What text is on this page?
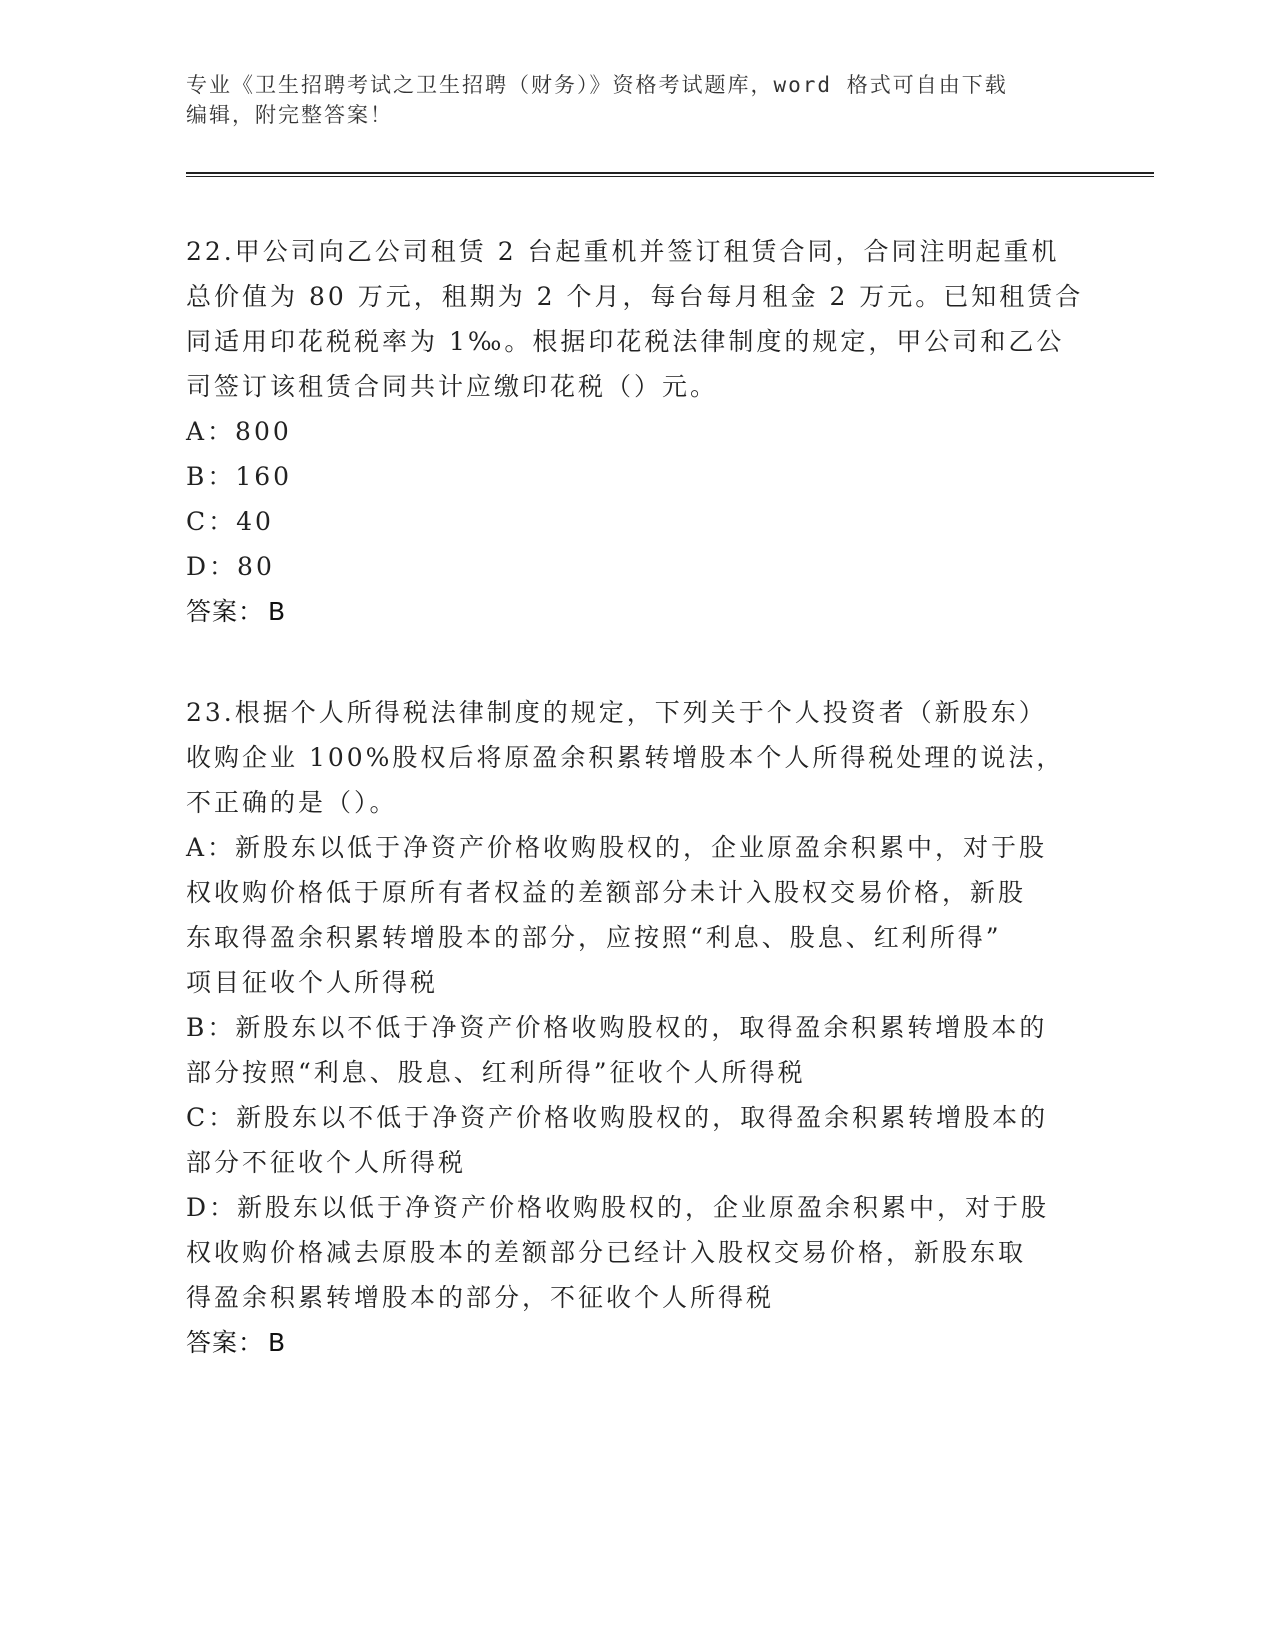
专业《卫生招聘考试之卫生招聘（财务）》资格考试题库，word 格式可自由下载
编辑，附完整答案！
22.甲公司向乙公司租赁 2 台起重机并签订租赁合同，合同注明起重机
总价值为 80 万元，租期为 2 个月，每台每月租金 2 万元。已知租赁合
同适用印花税税率为 1‰。根据印花税法律制度的规定，甲公司和乙公
司签订该租赁合同共计应缴印花税（）元。
A：800
B：160
C：40
D：80
答案： B
23.根据个人所得税法律制度的规定，下列关于个人投资者（新股东）
收购企业 100%股权后将原盈余积累转增股本个人所得税处理的说法，
不正确的是（）。
A：新股东以低于净资产价格收购股权的，企业原盈余积累中，对于股
权收购价格低于原所有者权益的差额部分未计入股权交易价格，新股
东取得盈余积累转增股本的部分，应按照“利息、股息、红利所得”
项目征收个人所得税
B：新股东以不低于净资产价格收购股权的，取得盈余积累转增股本的
部分按照“利息、股息、红利所得”征收个人所得税
C：新股东以不低于净资产价格收购股权的，取得盈余积累转增股本的
部分不征收个人所得税
D：新股东以低于净资产价格收购股权的，企业原盈余积累中，对于股
权收购价格减去原股本的差额部分已经计入股权交易价格，新股东取
得盈余积累转增股本的部分，不征收个人所得税
答案： B
